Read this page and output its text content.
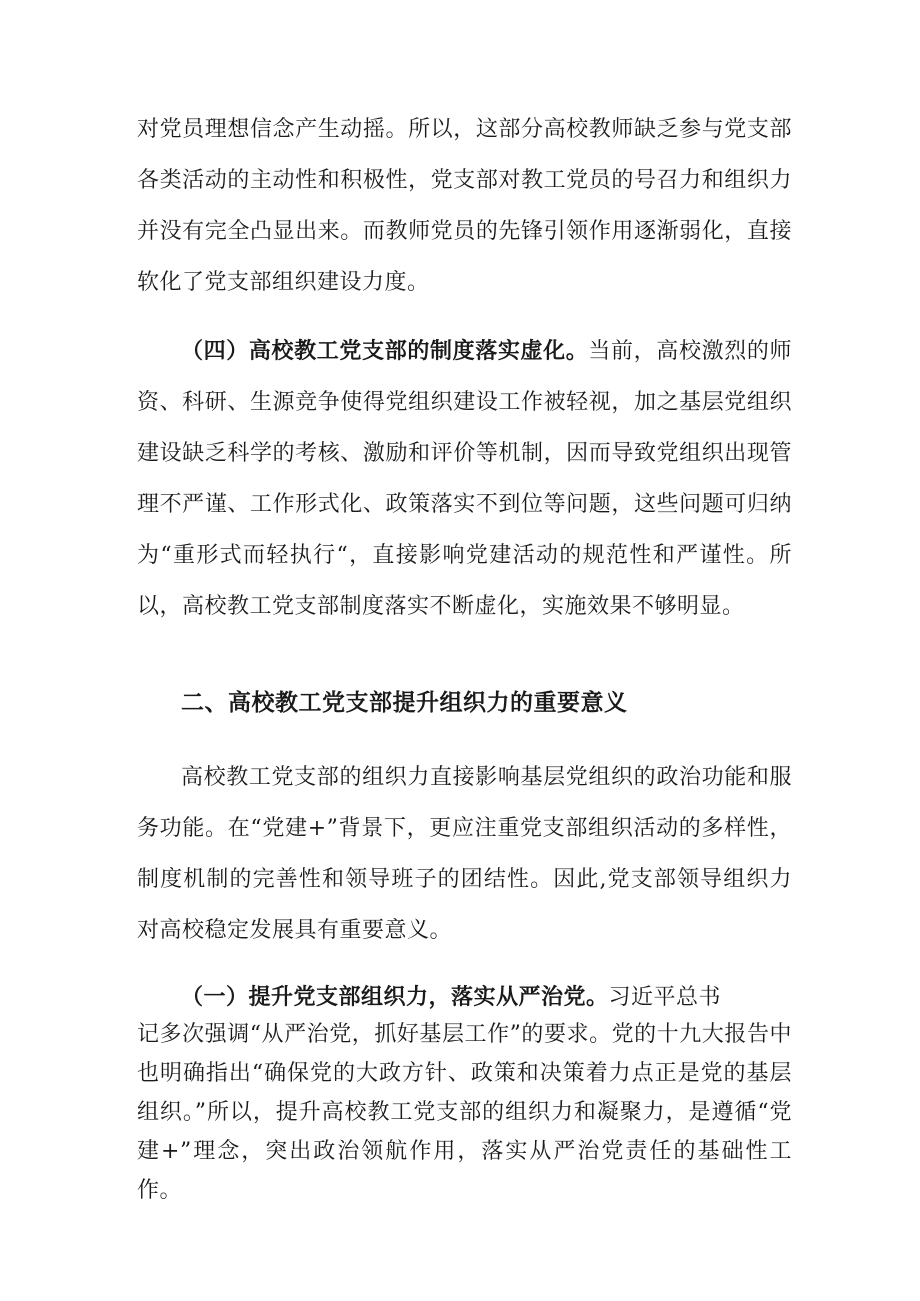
对党员理想信念产生动摇。所以，这部分高校教师缺乏参与党支部各类活动的主动性和积极性，党支部对教工党员的号召力和组织力并没有完全凸显出来。而教师党员的先锋引领作用逐渐弱化，直接软化了党支部组织建设力度。

（四）高校教工党支部的制度落实虚化。当前，高校激烈的师资、科研、生源竞争使得党组织建设工作被轻视，加之基层党组织建设缺乏科学的考核、激励和评价等机制，因而导致党组织出现管理不严谨、工作形式化、政策落实不到位等问题，这些问题可归纳为“重形式而轻执行“，直接影响党建活动的规范性和严谨性。所以，高校教工党支部制度落实不断虚化，实施效果不够明显。

二、高校教工党支部提升组织力的重要意义

高校教工党支部的组织力直接影响基层党组织的政治功能和服务功能。在“党建+”背景下，更应注重党支部组织活动的多样性，制度机制的完善性和领导班子的团结性。因此,党支部领导组织力对高校稳定发展具有重要意义。

（一）提升党支部组织力，落实从严治党。习近平总书

记多次强调“从严治党，抓好基层工作”的要求。党的十九大报告中也明确指出“确保党的大政方针、政策和决策着力点正是党的基层组织。”所以，提升高校教工党支部的组织力和凝聚力，是遵循“党建+”理念，突出政治领航作用，落实从严治党责任的基础性工作。
